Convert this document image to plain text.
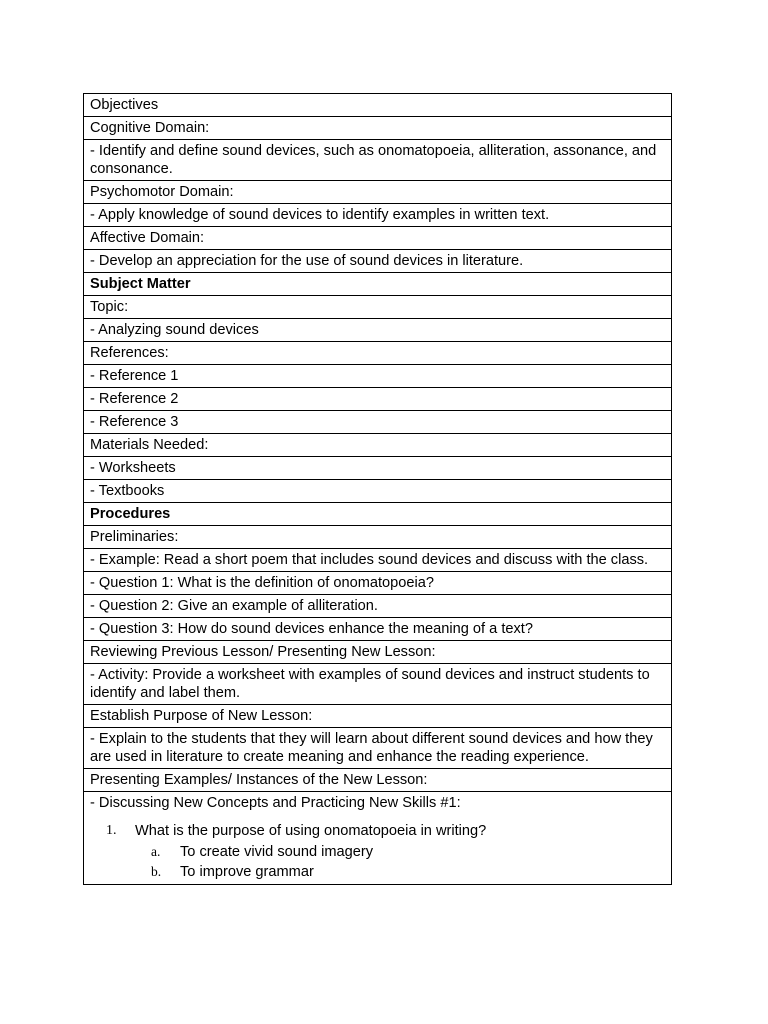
Objectives
Cognitive Domain:
- Identify and define sound devices, such as onomatopoeia, alliteration, assonance, and consonance.
Psychomotor Domain:
- Apply knowledge of sound devices to identify examples in written text.
Affective Domain:
- Develop an appreciation for the use of sound devices in literature.
Subject Matter
Topic:
- Analyzing sound devices
References:
- Reference 1
- Reference 2
- Reference 3
Materials Needed:
- Worksheets
- Textbooks
Procedures
Preliminaries:
- Example: Read a short poem that includes sound devices and discuss with the class.
- Question 1: What is the definition of onomatopoeia?
- Question 2: Give an example of alliteration.
- Question 3: How do sound devices enhance the meaning of a text?
Reviewing Previous Lesson/ Presenting New Lesson:
- Activity: Provide a worksheet with examples of sound devices and instruct students to identify and label them.
Establish Purpose of New Lesson:
- Explain to the students that they will learn about different sound devices and how they are used in literature to create meaning and enhance the reading experience.
Presenting Examples/ Instances of the New Lesson:

- Discussing New Concepts and Practicing New Skills #1:
1. What is the purpose of using onomatopoeia in writing?
a. To create vivid sound imagery
b. To improve grammar
